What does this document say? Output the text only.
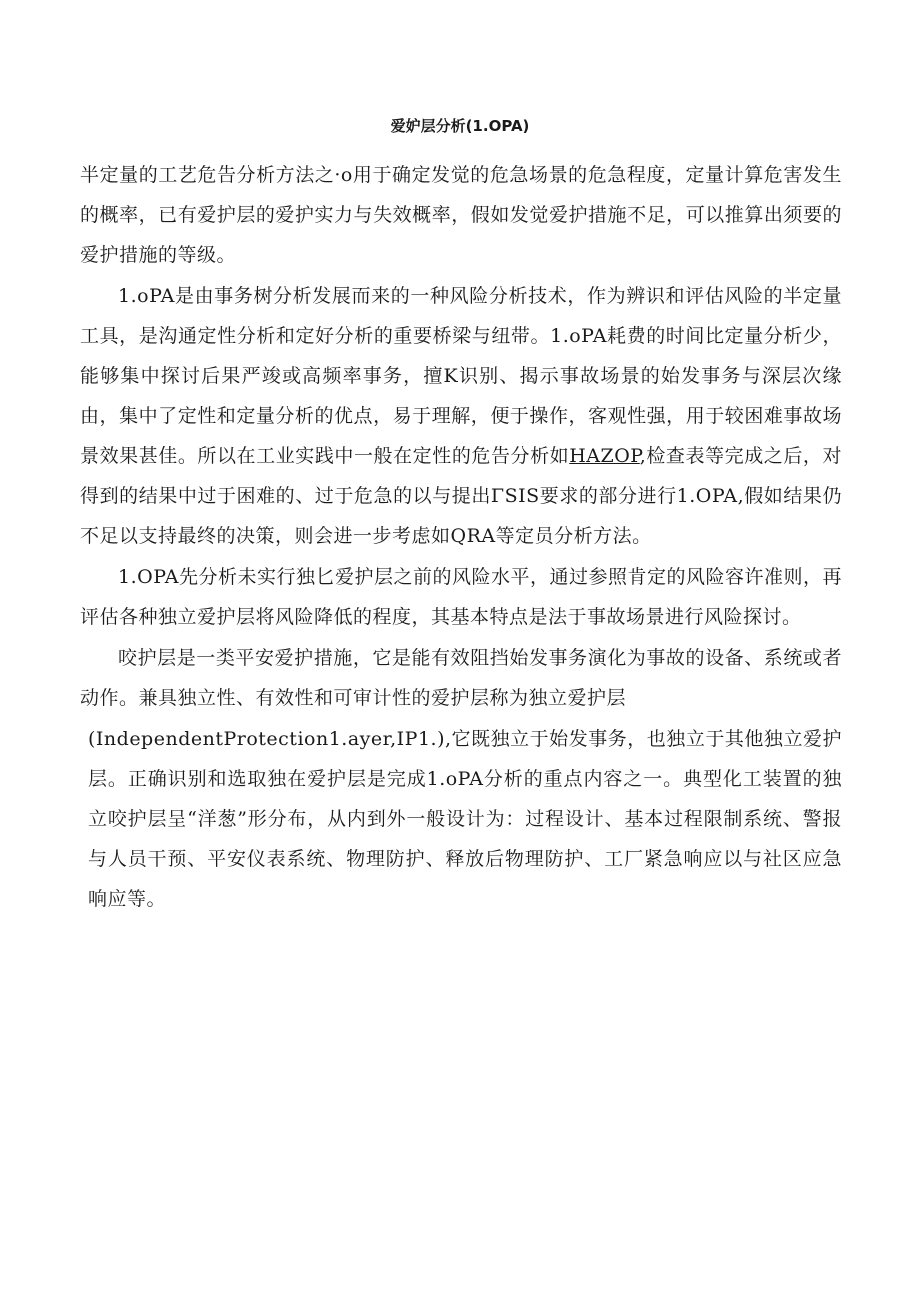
爱妒层分析(1.OPA)

半定量的工艺危告分析方法之·o用于确定发觉的危急场景的危急程度，定量计算危害发生的概率，已有爱护层的爱护实力与失效概率，假如发觉爱护措施不足，可以推算出须要的爱护措施的等级。

1.oPA是由事务树分析发展而来的一种风险分析技术，作为辨识和评估风险的半定量工具，是沟通定性分析和定好分析的重要桥梁与纽带。1.oPA耗费的时间比定量分析少，能够集中探讨后果严竣或高频率事务，擅K识别、揭示事故场景的始发事务与深层次缘由，集中了定性和定量分析的优点，易于理解，便于操作，客观性强，用于较困难事故场景效果甚佳。所以在工业实践中一般在定性的危告分析如HAZOP,检查表等完成之后，对得到的结果中过于困难的、过于危急的以与提出ΓSIS要求的部分进行1.OPA,假如结果仍不足以支持最终的决策，则会进一步考虑如QRA等定员分析方法。

1.OPA先分析未实行独匕爱护层之前的风险水平，通过参照肯定的风险容许准则，再评估各种独立爱护层将风险降低的程度，其基本特点是法于事故场景进行风险探讨。

咬护层是一类平安爱护措施，它是能有效阻挡始发事务演化为事故的设备、系统或者动作。兼具独立性、有效性和可审计性的爱护层称为独立爱护层

(IndependentProtection1.ayer,IP1.),它既独立于始发事务，也独立于其他独立爱护层。正确识别和选取独在爱护层是完成1.oPA分析的重点内容之一。典型化工装置的独立咬护层呈“洋葱”形分布，从内到外一般设计为：过程设计、基本过程限制系统、警报与人员干预、平安仪表系统、物理防护、释放后物理防护、工厂紧急响应以与社区应急响应等。
